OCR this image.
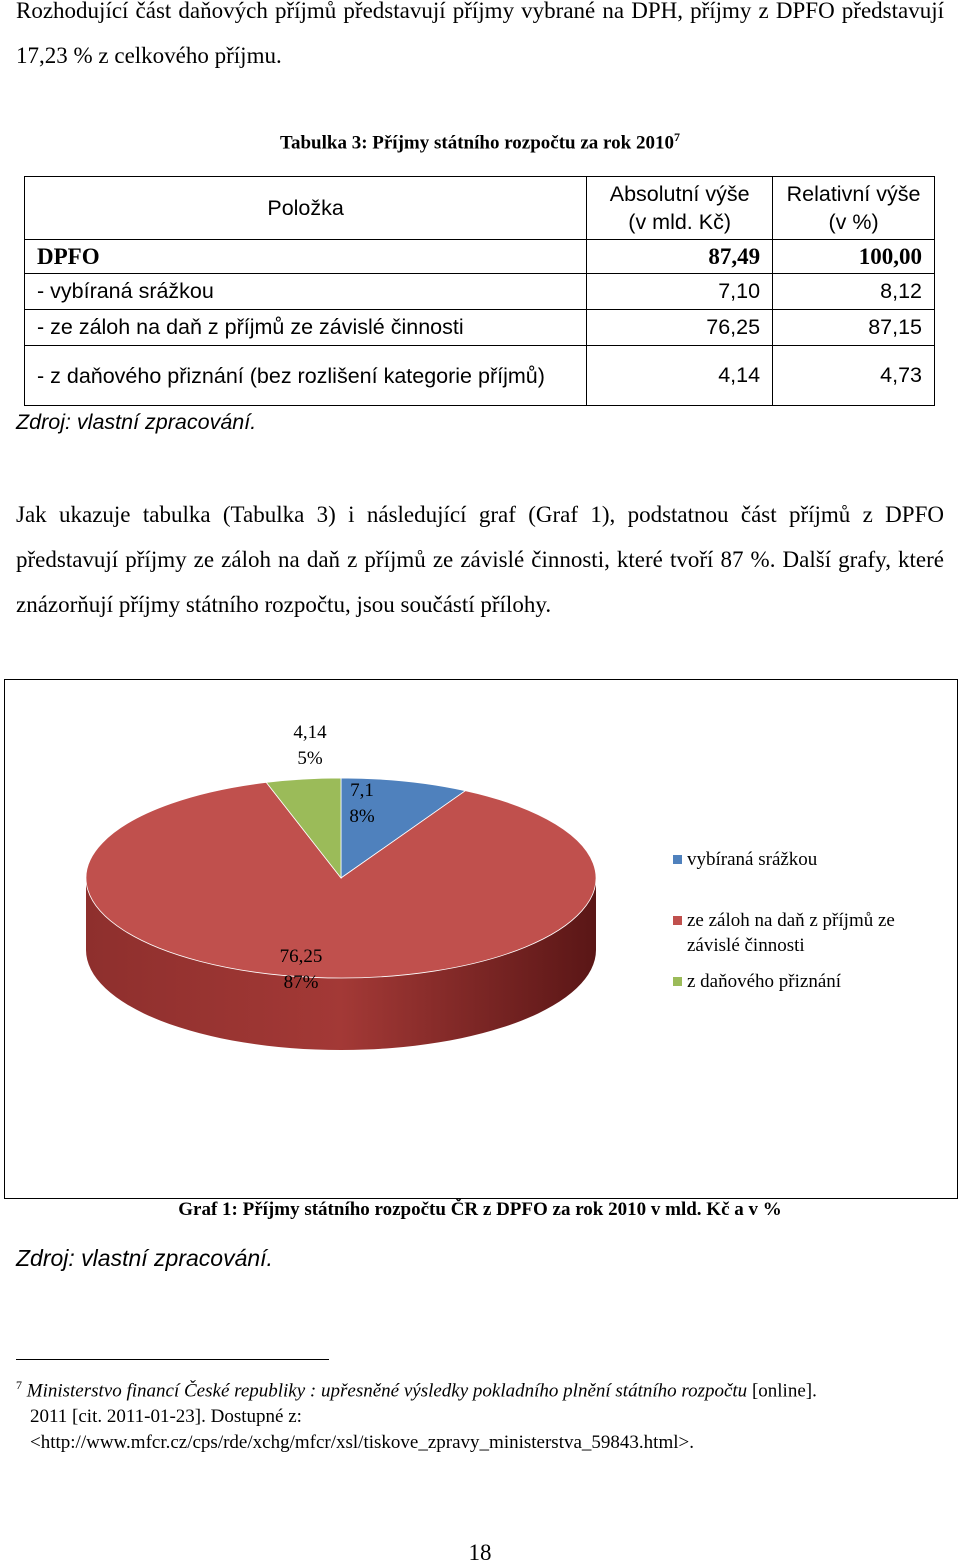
Rozhodující část daňových příjmů představují příjmy vybrané na DPH, příjmy z DPFO představují 17,23 % z celkového příjmu.
Tabulka 3: Příjmy státního rozpočtu za rok 2010$^7$
Položka	Absolutní výše (v mld. Kč)	Relativní výše (v %)
DPFO	87,49	100,00
- vybíraná srážkou	7,10	8,12
- ze záloh na daň z příjmů ze závislé činnosti	76,25	87,15
- z daňového přiznání (bez rozlišení kategorie příjmů)	4,14	4,73
Zdroj: vlastní zpracování.
Jak ukazuje tabulka (Tabulka 3) i následující graf (Graf 1), podstatnou část příjmů z DPFO představují příjmy ze záloh na daň z příjmů ze závislé činnosti, které tvoří 87 %. Další grafy, které znázorňují příjmy státního rozpočtu, jsou součástí přílohy.
7,1
8%
76,25
87%
4,14
5%
vybíraná srážkou
ze záloh na daň z příjmů ze závislé činnosti
z daňového přiznání
Graf 1: Příjmy státního rozpočtu ČR z DPFO za rok 2010 v mld. Kč a v %
Zdroj: vlastní zpracování.
$^7$ Ministerstvo financí České republiky : upřesněné výsledky pokladního plnění státního rozpočtu [online].
2011 [cit. 2011-01-23]. Dostupné z:
<http://www.mfcr.cz/cps/rde/xchg/mfcr/xsl/tiskove_zpravy_ministerstva_59843.html>.
18
